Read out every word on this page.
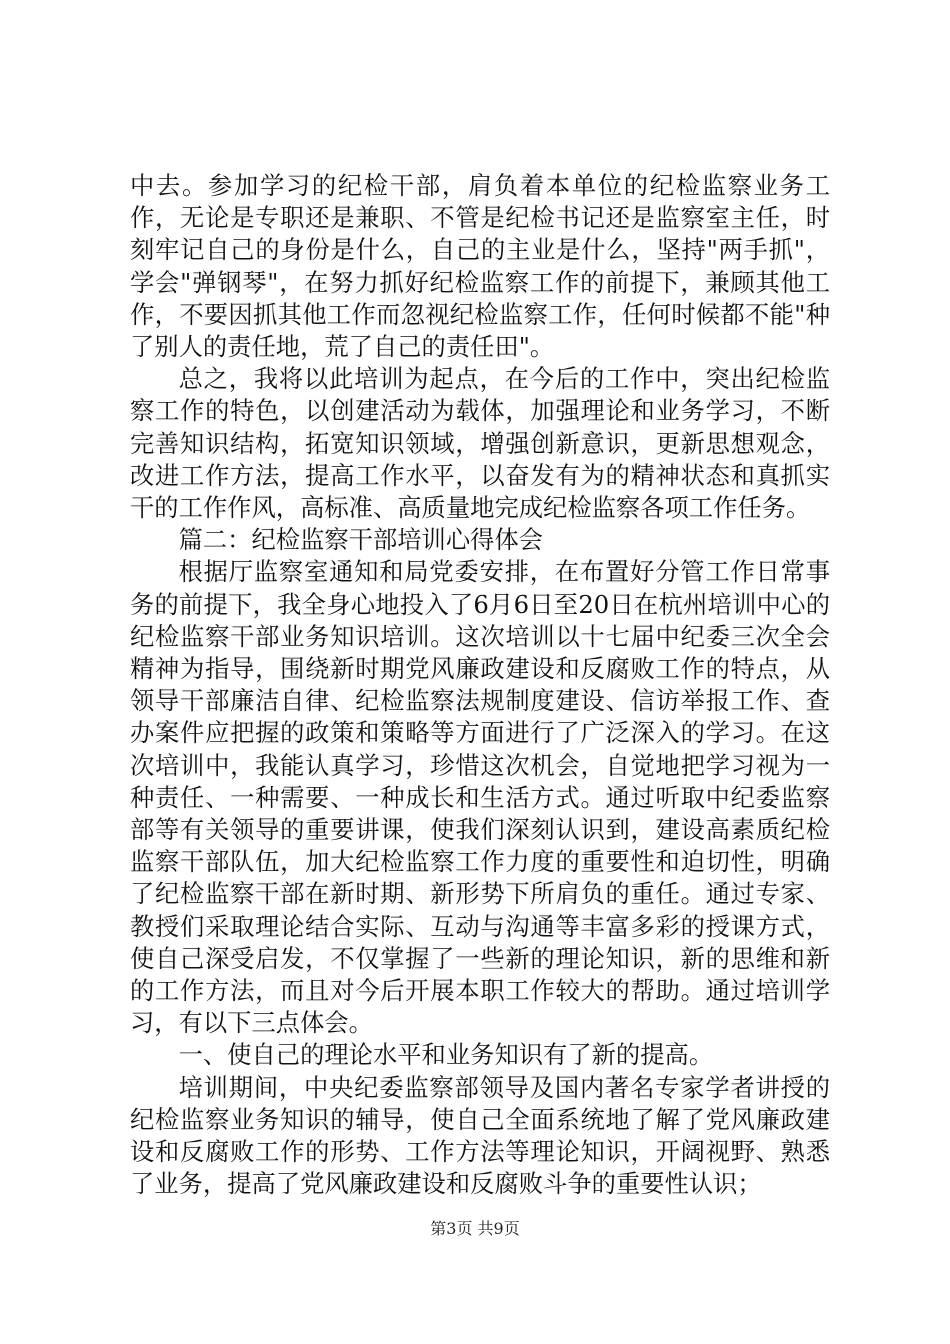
中去。参加学习的纪检干部，肩负着本单位的纪检监察业务工作，无论是专职还是兼职、不管是纪检书记还是监察室主任，时刻牢记自己的身份是什么，自己的主业是什么，坚持"两手抓"，学会"弹钢琴"，在努力抓好纪检监察工作的前提下，兼顾其他工作，不要因抓其他工作而忽视纪检监察工作，任何时候都不能"种了别人的责任地，荒了自己的责任田"。

总之，我将以此培训为起点，在今后的工作中，突出纪检监察工作的特色，以创建活动为载体，加强理论和业务学习，不断完善知识结构，拓宽知识领域，增强创新意识，更新思想观念，改进工作方法，提高工作水平，以奋发有为的精神状态和真抓实干的工作作风，高标准、高质量地完成纪检监察各项工作任务。

篇二：纪检监察干部培训心得体会

根据厅监察室通知和局党委安排，在布置好分管工作日常事务的前提下，我全身心地投入了6月6日至20日在杭州培训中心的纪检监察干部业务知识培训。这次培训以十七届中纪委三次全会精神为指导，围绕新时期党风廉政建设和反腐败工作的特点，从领导干部廉洁自律、纪检监察法规制度建设、信访举报工作、查办案件应把握的政策和策略等方面进行了广泛深入的学习。在这次培训中，我能认真学习，珍惜这次机会，自觉地把学习视为一种责任、一种需要、一种成长和生活方式。通过听取中纪委监察部等有关领导的重要讲课，使我们深刻认识到，建设高素质纪检监察干部队伍，加大纪检监察工作力度的重要性和迫切性，明确了纪检监察干部在新时期、新形势下所肩负的重任。通过专家、教授们采取理论结合实际、互动与沟通等丰富多彩的授课方式，使自己深受启发，不仅掌握了一些新的理论知识，新的思维和新的工作方法，而且对今后开展本职工作较大的帮助。通过培训学习，有以下三点体会。

一、使自己的理论水平和业务知识有了新的提高。

培训期间，中央纪委监察部领导及国内著名专家学者讲授的纪检监察业务知识的辅导，使自己全面系统地了解了党风廉政建设和反腐败工作的形势、工作方法等理论知识，开阔视野、熟悉了业务，提高了党风廉政建设和反腐败斗争的重要性认识；

第3页 共9页
